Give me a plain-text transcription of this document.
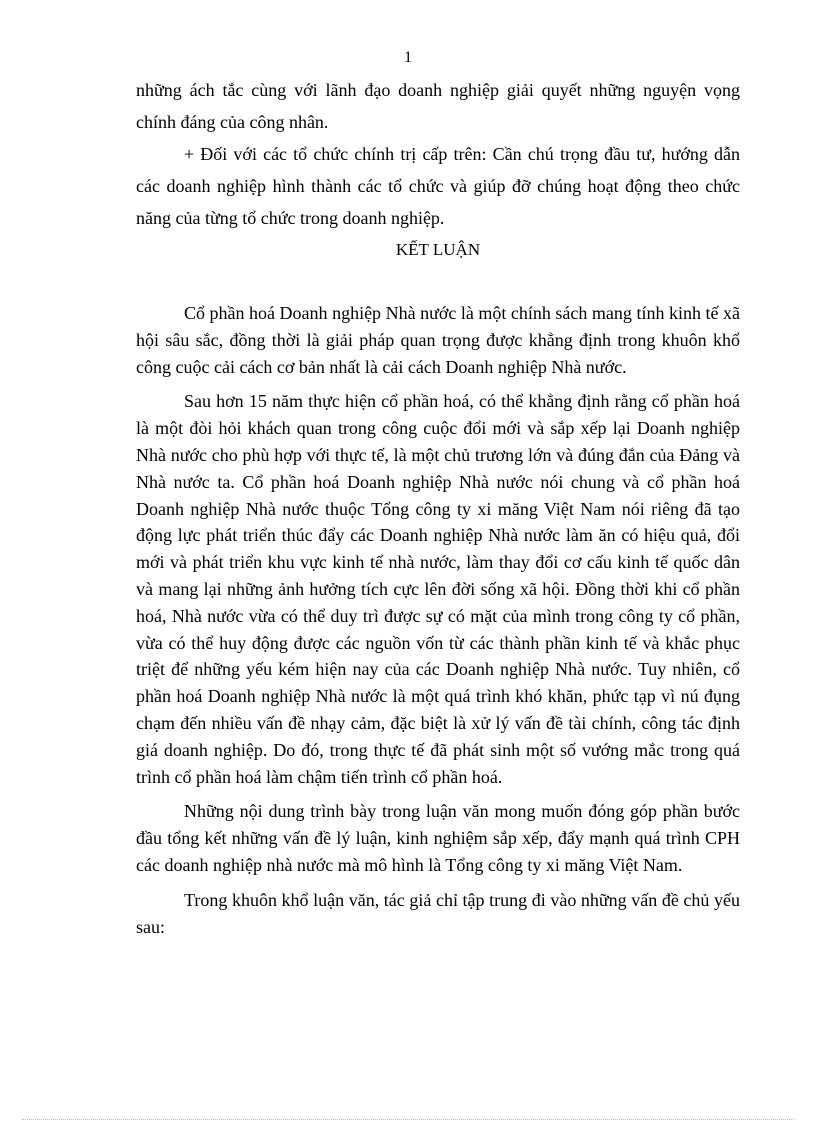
1

những ách tắc cùng với lãnh đạo doanh nghiệp giải quyết những nguyện vọng chính đáng của công nhân.

+ Đối với các tổ chức chính trị cấp trên: Cần chú trọng đầu tư, hướng dẫn các doanh nghiệp hình thành các tổ chức và giúp đỡ chúng hoạt động theo chức năng của từng tổ chức trong doanh nghiệp.

KẾT LUẬN

Cổ phần hoá Doanh nghiệp Nhà nước là một chính sách mang tính kinh tế xã hội sâu sắc, đồng thời là giải pháp quan trọng được khẳng định trong khuôn khổ công cuộc cải cách cơ bản nhất là cải cách Doanh nghiệp Nhà nước.

Sau hơn 15 năm thực hiện cổ phần hoá, có thể khẳng định rằng cổ phần hoá là một đòi hỏi khách quan trong công cuộc đổi mới và sắp xếp lại Doanh nghiệp Nhà nước cho phù hợp với thực tế, là một chủ trương lớn và đúng đắn của Đảng và Nhà nước ta. Cổ phần hoá Doanh nghiệp Nhà nước nói chung và cổ phần hoá Doanh nghiệp Nhà nước thuộc Tổng công ty xi măng Việt Nam nói riêng đã tạo động lực phát triển thúc đẩy các Doanh nghiệp Nhà nước làm ăn có hiệu quả, đổi mới và phát triển khu vực kinh tế nhà nước, làm thay đổi cơ cấu kinh tế quốc dân và mang lại những ảnh hưởng tích cực lên đời sống xã hội. Đồng thời khi cổ phần hoá, Nhà nước vừa có thể duy trì được sự có mặt của mình trong công ty cổ phần, vừa có thể huy động được các nguồn vốn từ các thành phần kinh tế và khắc phục triệt để những yếu kém hiện nay của các Doanh nghiệp Nhà nước. Tuy nhiên, cổ phần hoá Doanh nghiệp Nhà nước là một quá trình khó khăn, phức tạp vì nú đụng chạm đến nhiều vấn đề nhạy cảm, đặc biệt là xử lý vấn đề tài chính, công tác định giá doanh nghiệp. Do đó, trong thực tế đã phát sinh một số vướng mắc trong quá trình cổ phần hoá làm chậm tiến trình cổ phần hoá.

Những nội dung trình bày trong luận văn mong muốn đóng góp phần bước đầu tổng kết những vấn đề lý luận, kinh nghiệm sắp xếp, đẩy mạnh quá trình CPH các doanh nghiệp nhà nước mà mô hình là Tổng công ty xi măng Việt Nam.

Trong khuôn khổ luận văn, tác giả chỉ tập trung đi vào những vấn đề chủ yếu sau:
